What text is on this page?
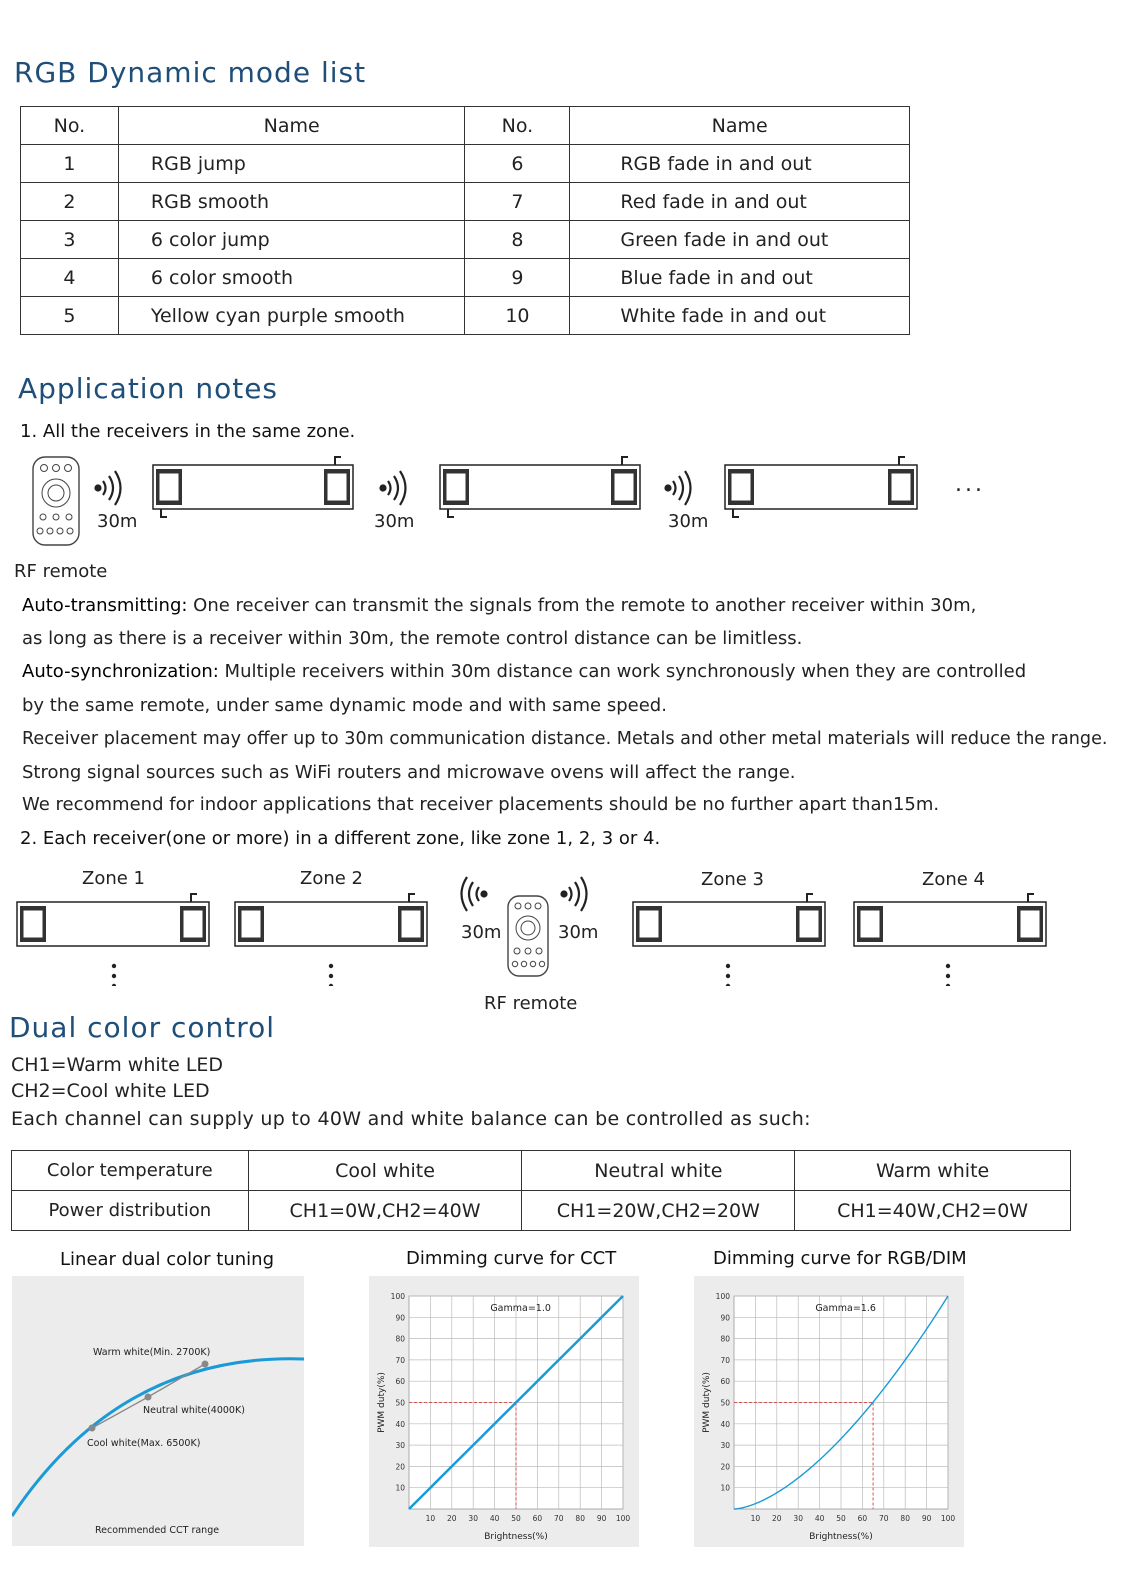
RGB Dynamic mode list
No.	Name	No.	Name
1	RGB jump	6	RGB fade in and out
2	RGB smooth	7	Red fade in and out
3	6 color jump	8	Green fade in and out
4	6 color smooth	9	Blue fade in and out
5	Yellow cyan purple smooth	10	White fade in and out
Application notes
1. All the receivers in the same zone.
30m	30m	30m
...
RF remote
Auto-transmitting: One receiver can transmit the signals from the remote to another receiver within 30m,
as long as there is a receiver within 30m, the remote control distance can be limitless.
Auto-synchronization: Multiple receivers within 30m distance can work synchronously when they are controlled
by the same remote, under same dynamic mode and with same speed.
Receiver placement may offer up to 30m communication distance. Metals and other metal materials will reduce the range.
Strong signal sources such as WiFi routers and microwave ovens will affect the range.
We recommend for indoor applications that receiver placements should be no further apart than15m.
2. Each receiver(one or more) in a different zone, like zone 1, 2, 3 or 4.
Zone 1	Zone 2	Zone 3	Zone 4
30m	30m
RF remote
Dual color control
CH1=Warm white LED
CH2=Cool white LED
Each channel can supply up to 40W and white balance can be controlled as such:
Color temperature	Cool white	Neutral white	Warm white
Power distribution	CH1=0W,CH2=40W	CH1=20W,CH2=20W	CH1=40W,CH2=0W
Linear dual color tuning
Warm white(Min. 2700K)
Neutral white(4000K)
Cool white(Max. 6500K)
Recommended CCT range
Dimming curve for CCT
10
10
20
20
30
30
40
40
50
50
60
60
70
70
80
80
90
90
100
100
Gamma=1.0
Brightness(%)
PWM duty(%)
Dimming curve for RGB/DIM
10
10
20
20
30
30
40
40
50
50
60
60
70
70
80
80
90
90
100
100
Gamma=1.6
Brightness(%)
PWM duty(%)
